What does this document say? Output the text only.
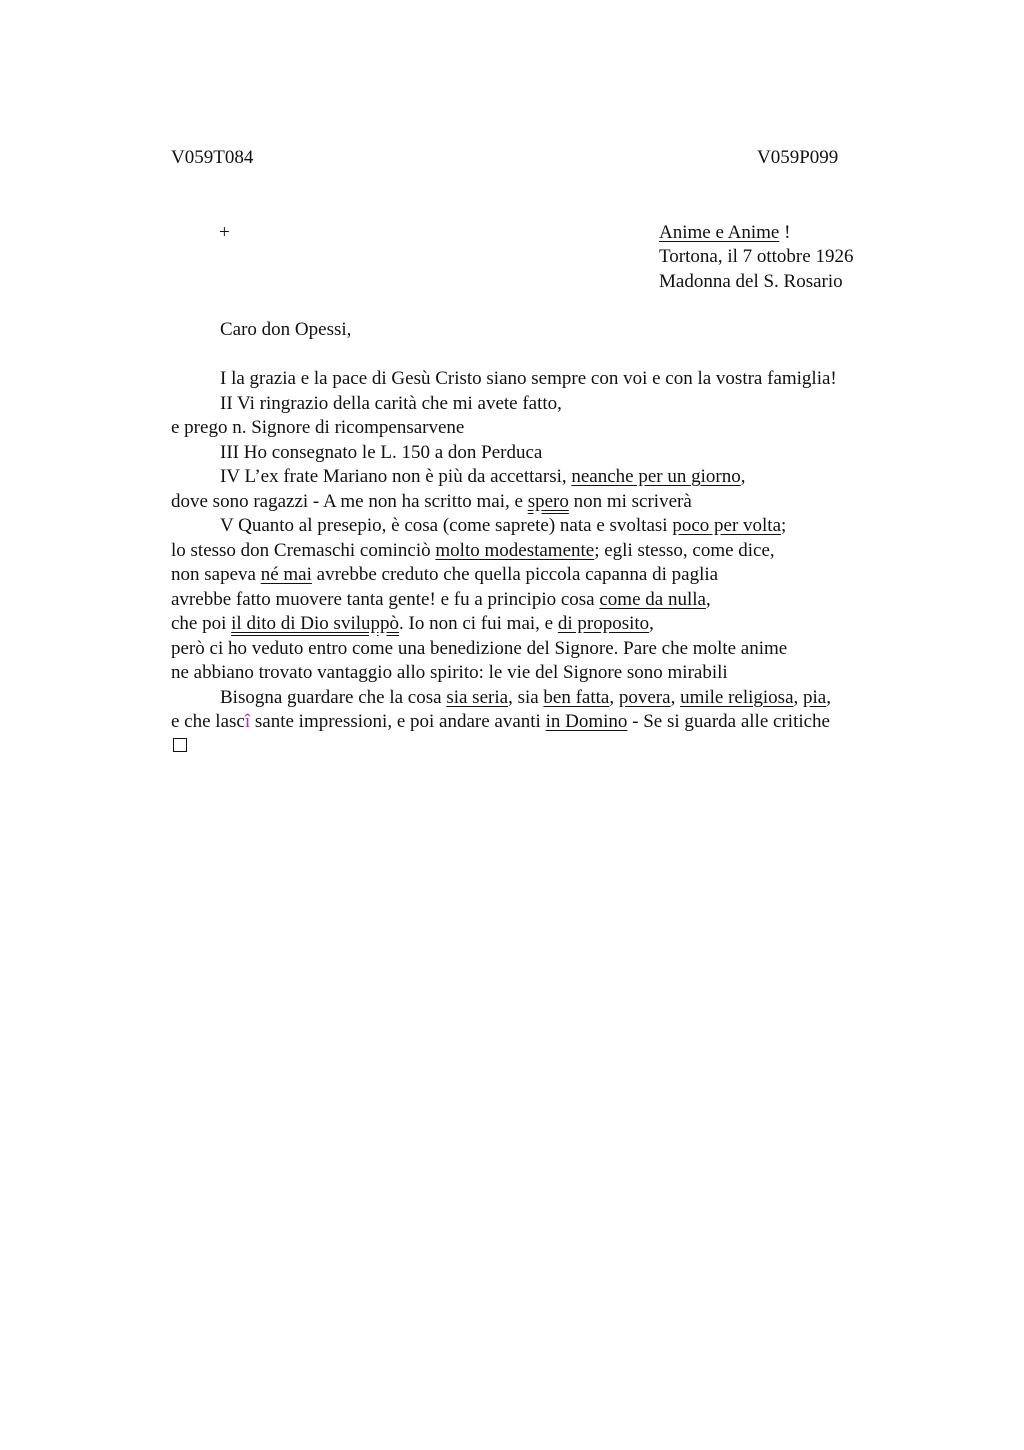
V059T084	V059P099
+	Anime e Anime !
Tortona, il 7 ottobre 1926
Madonna del S. Rosario
Caro don Opessi,
I la grazia e la pace di Gesù Cristo siano sempre con voi e con la vostra famiglia!
II Vi ringrazio della carità che mi avete fatto,
e prego n. Signore di ricompensarvene
III Ho consegnato le L. 150 a don Perduca
IV L’ex frate Mariano non è più da accettarsi, neanche per un giorno,
dove sono ragazzi - A me non ha scritto mai, e spero non mi scriverà
V Quanto al presepio, è cosa (come saprete) nata e svoltasi poco per volta;
lo stesso don Cremaschi cominciò molto modestamente; egli stesso, come dice,
non sapeva né mai avrebbe creduto che quella piccola capanna di paglia
avrebbe fatto muovere tanta gente! e fu a principio cosa come da nulla,
che poi il dito di Dio sviluppò. Io non ci fui mai, e di proposito,
però ci ho veduto entro come una benedizione del Signore. Pare che molte anime
ne abbiano trovato vantaggio allo spirito: le vie del Signore sono mirabili
Bisogna guardare che la cosa sia seria, sia ben fatta, povera, umile religiosa, pia,
e che lascî sante impressioni, e poi andare avanti in Domino - Se si guarda alle critiche
